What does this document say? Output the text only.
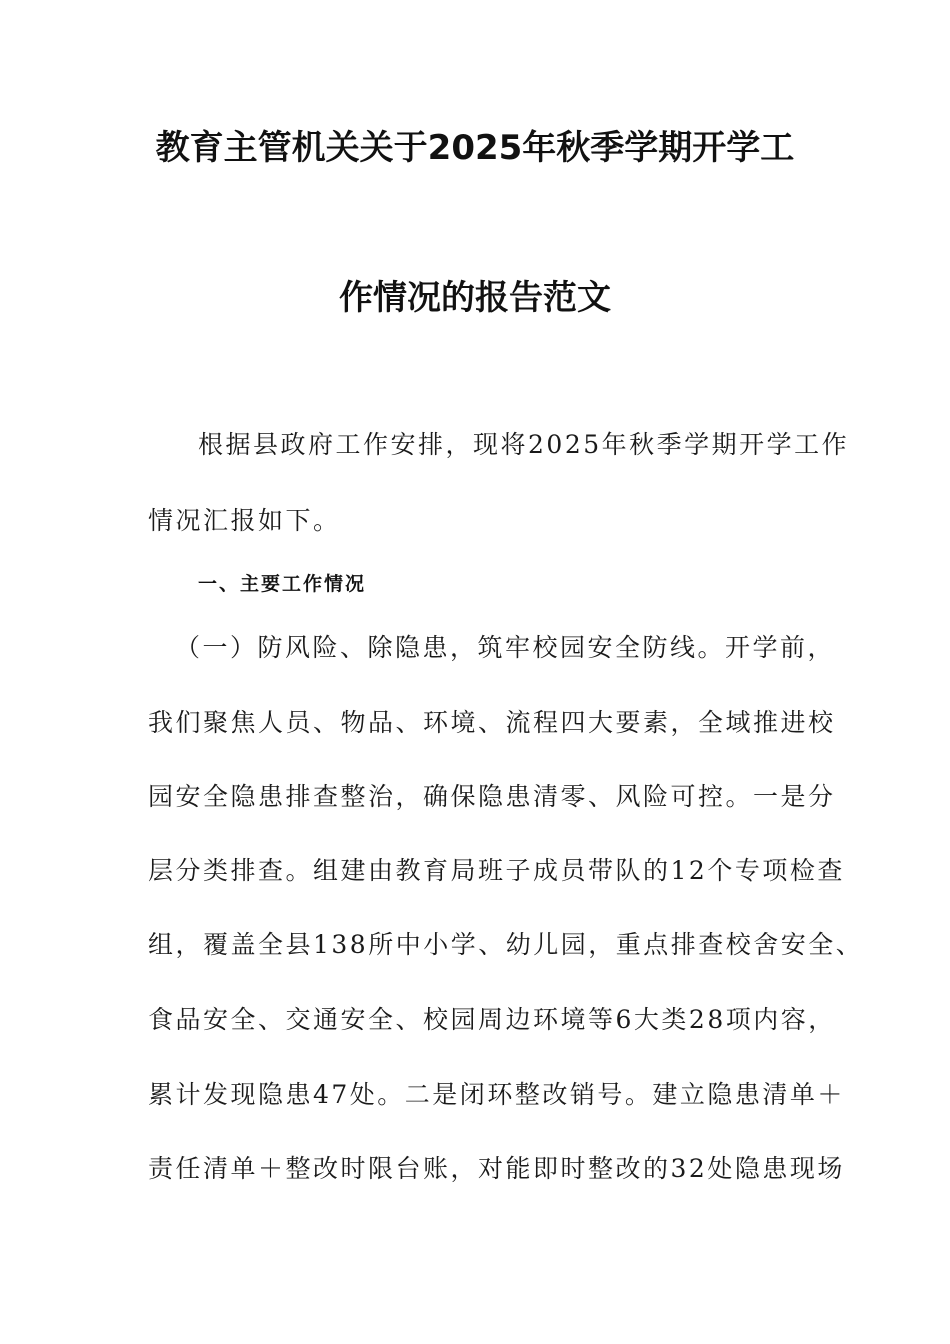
教育主管机关关于2025年秋季学期开学工
作情况的报告范文
根据县政府工作安排，现将2025年秋季学期开学工作
情况汇报如下。
一、主要工作情况
（一）防风险、除隐患，筑牢校园安全防线。开学前，
我们聚焦人员、物品、环境、流程四大要素，全域推进校
园安全隐患排查整治，确保隐患清零、风险可控。一是分
层分类排查。组建由教育局班子成员带队的12个专项检查
组，覆盖全县138所中小学、幼儿园，重点排查校舍安全、
食品安全、交通安全、校园周边环境等6大类28项内容，
累计发现隐患47处。二是闭环整改销号。建立隐患清单＋
责任清单＋整改时限台账，对能即时整改的32处隐患现场
